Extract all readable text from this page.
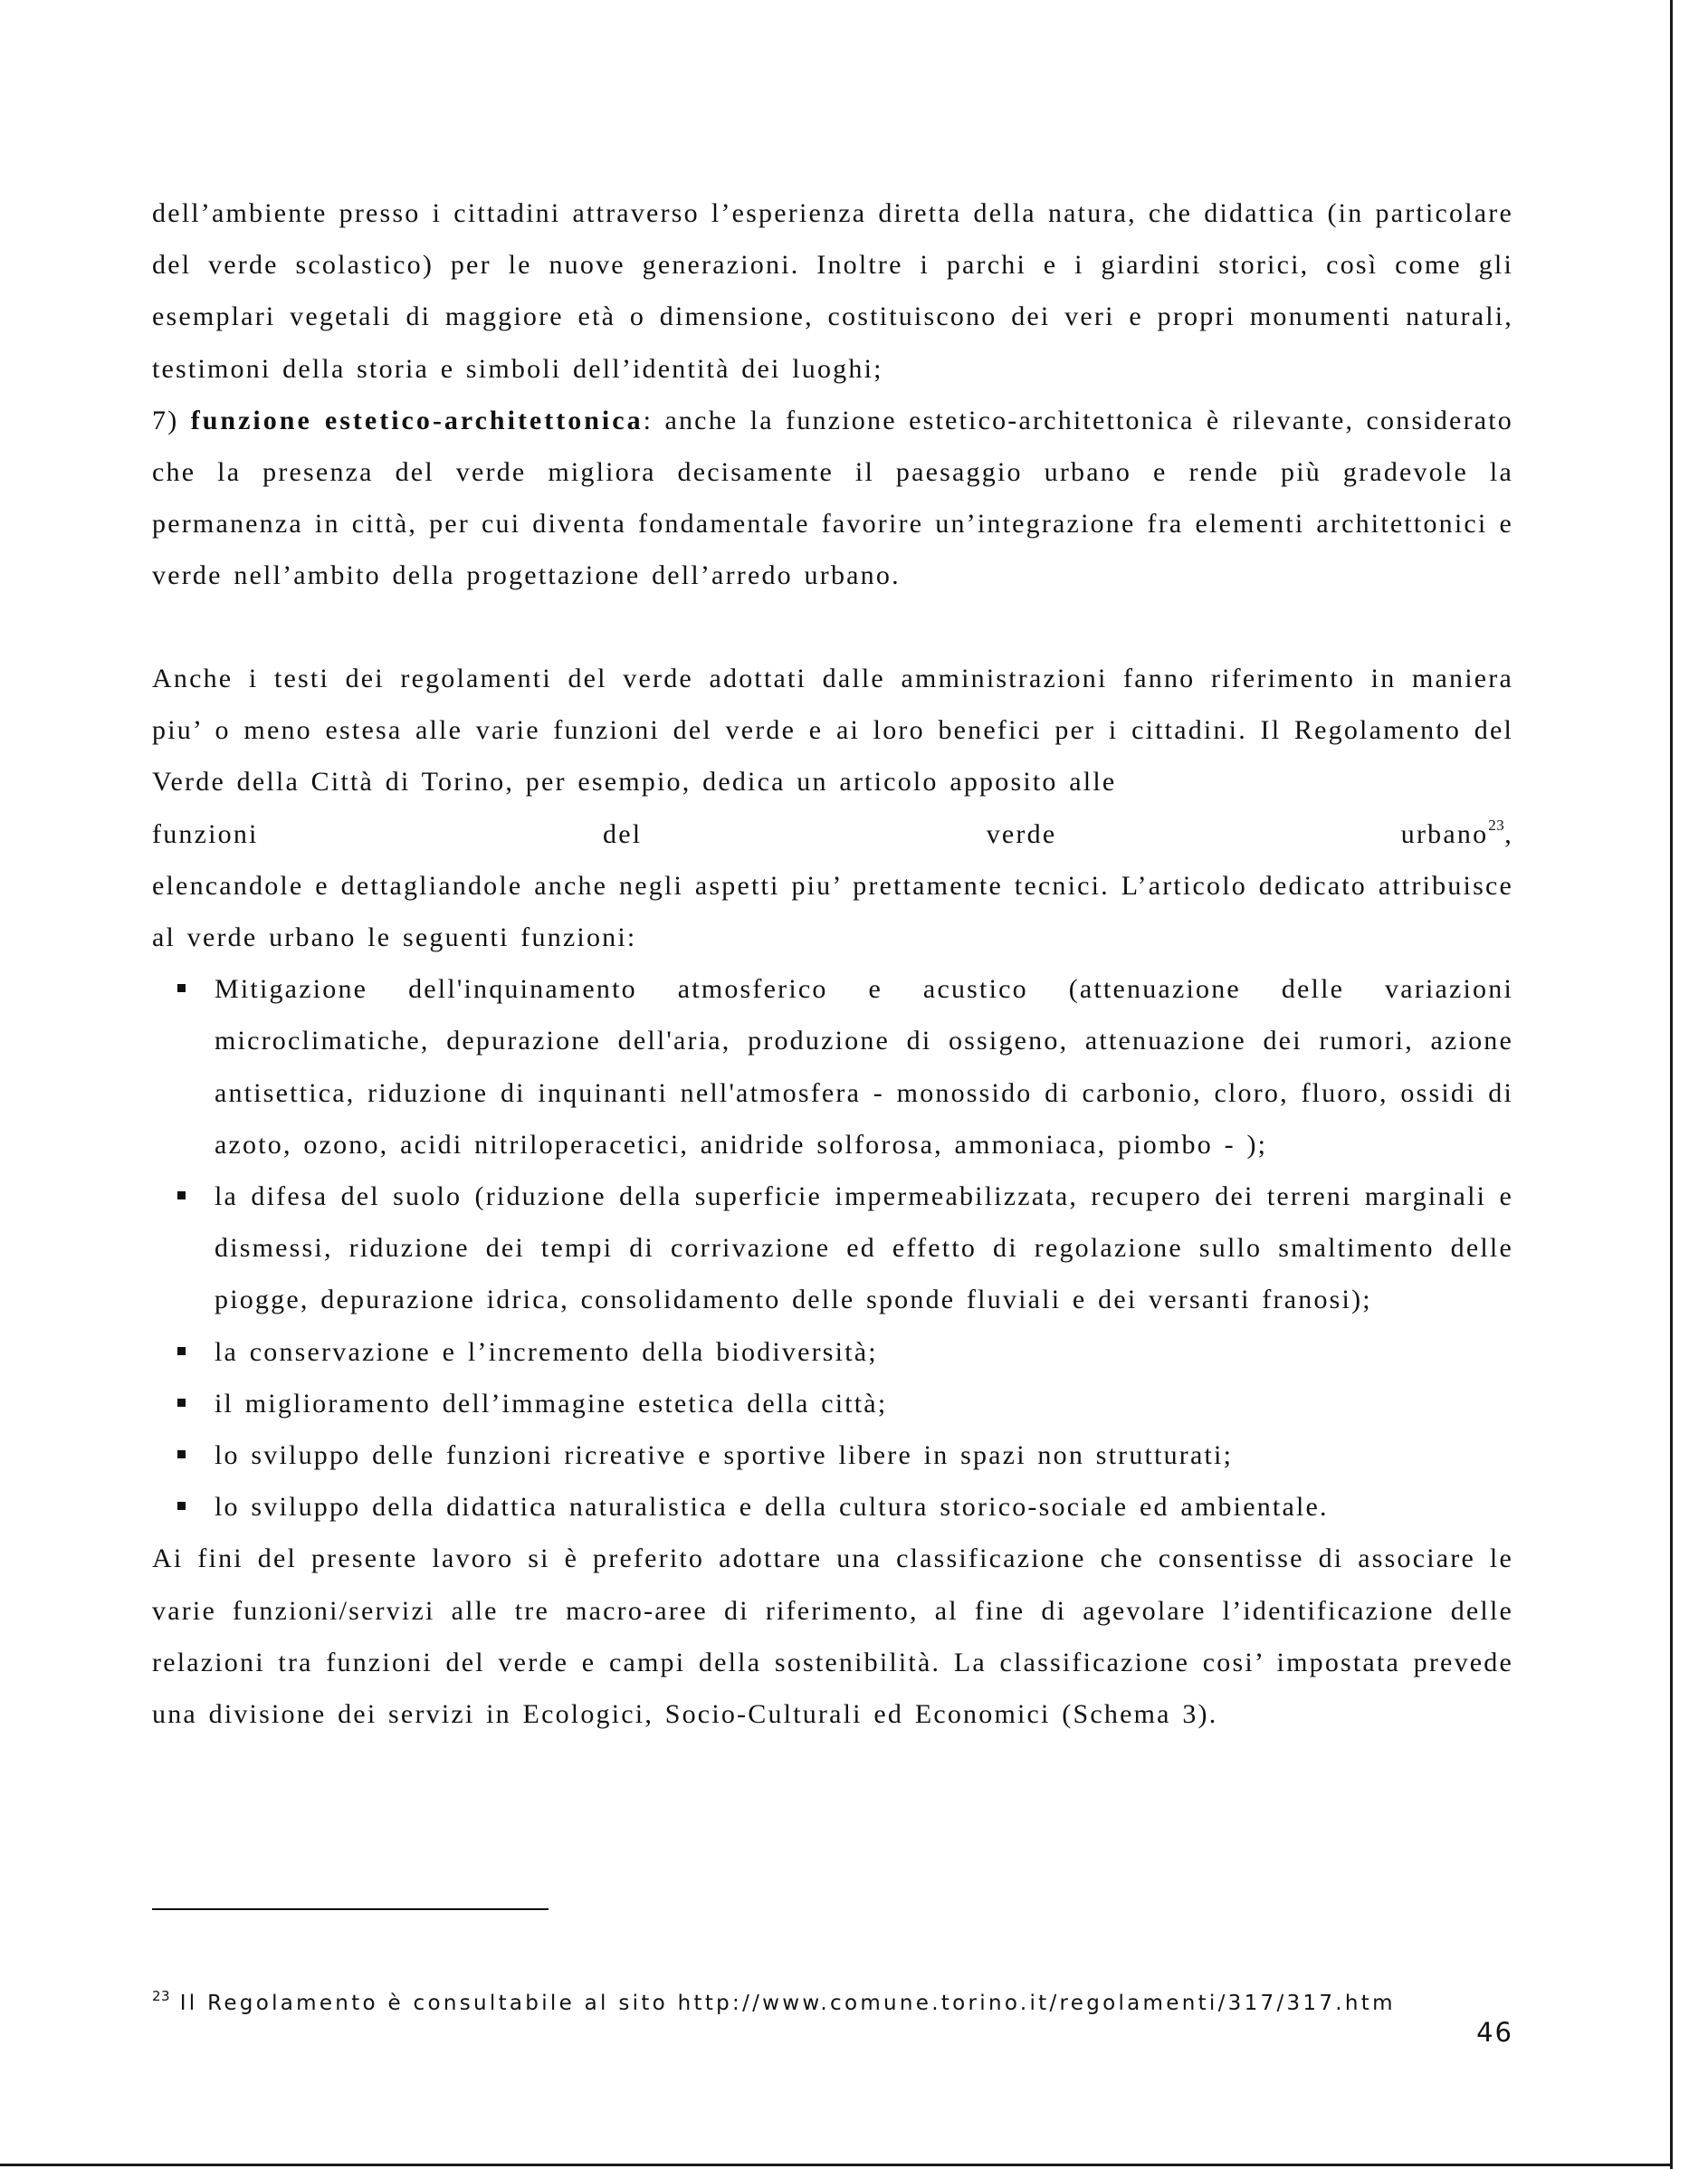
dell’ambiente presso i cittadini attraverso l’esperienza diretta della natura, che didattica (in particolare del verde scolastico) per le nuove generazioni. Inoltre i parchi e i giardini storici, così come gli esemplari vegetali di maggiore età o dimensione, costituiscono dei veri e propri monumenti naturali, testimoni della storia e simboli dell’identità dei luoghi;
7) funzione estetico-architettonica: anche la funzione estetico-architettonica è rilevante, considerato che la presenza del verde migliora decisamente il paesaggio urbano e rende più gradevole la permanenza in città, per cui diventa fondamentale favorire un’integrazione fra elementi architettonici e verde nell’ambito della progettazione dell’arredo urbano.

Anche i testi dei regolamenti del verde adottati dalle amministrazioni fanno riferimento in maniera piu’ o meno estesa alle varie funzioni del verde e ai loro benefici per i cittadini. Il Regolamento del Verde della Città di Torino, per esempio, dedica un articolo apposito alle

funzioni del verde urbano$^{23}$,

elencandole e dettagliandole anche negli aspetti piu’ prettamente tecnici. L’articolo dedicato attribuisce al verde urbano le seguenti funzioni:

Mitigazione dell'inquinamento atmosferico e acustico (attenuazione delle variazioni microclimatiche, depurazione dell'aria, produzione di ossigeno, attenuazione dei rumori, azione antisettica, riduzione di inquinanti nell'atmosfera - monossido di carbonio, cloro, fluoro, ossidi di azoto, ozono, acidi nitriloperacetici, anidride solforosa, ammoniaca, piombo - );
la difesa del suolo (riduzione della superficie impermeabilizzata, recupero dei terreni marginali e dismessi, riduzione dei tempi di corrivazione ed effetto di regolazione sullo smaltimento delle piogge, depurazione idrica, consolidamento delle sponde fluviali e dei versanti franosi);
la conservazione e l’incremento della biodiversità;
il miglioramento dell’immagine estetica della città;
lo sviluppo delle funzioni ricreative e sportive libere in spazi non strutturati;
lo sviluppo della didattica naturalistica e della cultura storico-sociale ed ambientale.

Ai fini del presente lavoro si è preferito adottare una classificazione che consentisse di associare le varie funzioni/servizi alle tre macro-aree di riferimento, al fine di agevolare l’identificazione delle relazioni tra funzioni del verde e campi della sostenibilità. La classificazione cosi’ impostata prevede una divisione dei servizi in Ecologici, Socio-Culturali ed Economici (Schema 3).

$^{23}$ Il Regolamento è consultabile al sito http://www.comune.torino.it/regolamenti/317/317.htm
46
